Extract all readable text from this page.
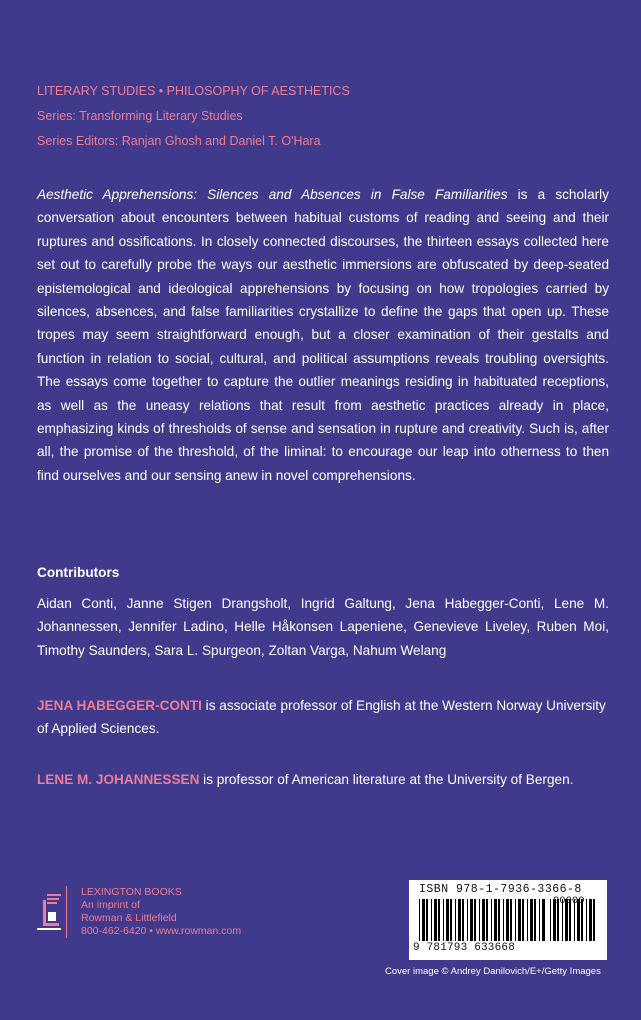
LITERARY STUDIES • PHILOSOPHY OF AESTHETICS

Series: Transforming Literary Studies

Series Editors: Ranjan Ghosh and Daniel T. O'Hara

Aesthetic Apprehensions: Silences and Absences in False Familiarities is a scholarly conversation about encounters between habitual customs of reading and seeing and their ruptures and ossifications. In closely connected discourses, the thirteen essays collected here set out to carefully probe the ways our aesthetic immersions are obfuscated by deep-seated epistemological and ideological apprehensions by focusing on how tropologies carried by silences, absences, and false familiarities crystallize to define the gaps that open up. These tropes may seem straightforward enough, but a closer examination of their gestalts and function in relation to social, cultural, and political assumptions reveals troubling oversights. The essays come together to capture the outlier meanings residing in habituated receptions, as well as the uneasy relations that result from aesthetic practices already in place, emphasizing kinds of thresholds of sense and sensation in rupture and creativity. Such is, after all, the promise of the threshold, of the liminal: to encourage our leap into otherness to then find ourselves and our sensing anew in novel comprehensions.

Contributors

Aidan Conti, Janne Stigen Drangsholt, Ingrid Galtung, Jena Habegger-Conti, Lene M. Johannessen, Jennifer Ladino, Helle Håkonsen Lapeniene, Genevieve Liveley, Ruben Moi, Timothy Saunders, Sara L. Spurgeon, Zoltan Varga, Nahum Welang

JENA HABEGGER-CONTI is associate professor of English at the Western Norway University of Applied Sciences.

LENE M. JOHANNESSEN is professor of American literature at the University of Bergen.

LEXINGTON BOOKS
An imprint of
Rowman & Littlefield
800-462-6420 • www.rowman.com
ISBN 978-1-7936-3366-8
9 781793 633668
90000
Cover image © Andrey Danilovich/E+/Getty Images
